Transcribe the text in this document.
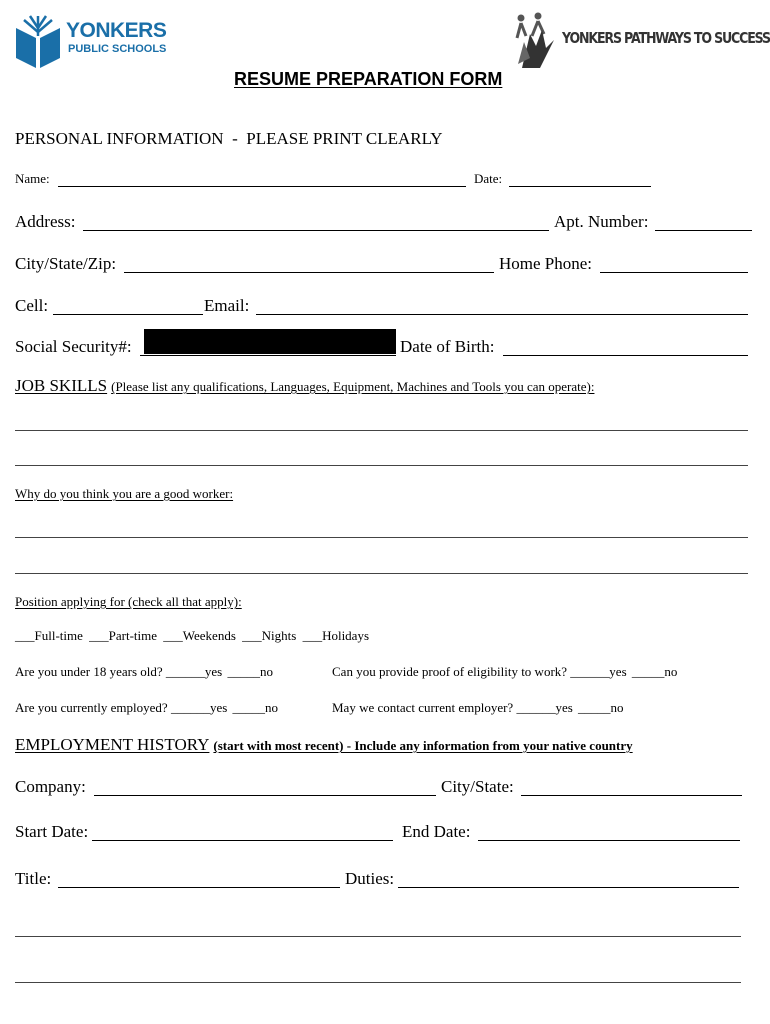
YONKERS
PUBLIC SCHOOLS
YONKERS PATHWAYS TO SUCCESS
RESUME PREPARATION FORM
PERSONAL INFORMATION  -  PLEASE PRINT CLEARLY
Name:	Date:
Address:	Apt. Number:
City/State/Zip:	Home Phone:
Cell:	Email:
Social Security#:	Date of Birth:
JOB SKILLS (Please list any qualifications, Languages, Equipment, Machines and Tools you can operate):
Why do you think you are a good worker:
Position applying for (check all that apply):
___Full-time ___Part-time ___Weekends ___Nights ___Holidays
Are you under 18 years old? ______yes _____no	Can you provide proof of eligibility to work? ______yes _____no
Are you currently employed? ______yes _____no	May we contact current employer? ______yes _____no
EMPLOYMENT HISTORY (start with most recent) - Include any information from your native country
Company:	City/State:
Start Date:	End Date:
Title:	Duties:
